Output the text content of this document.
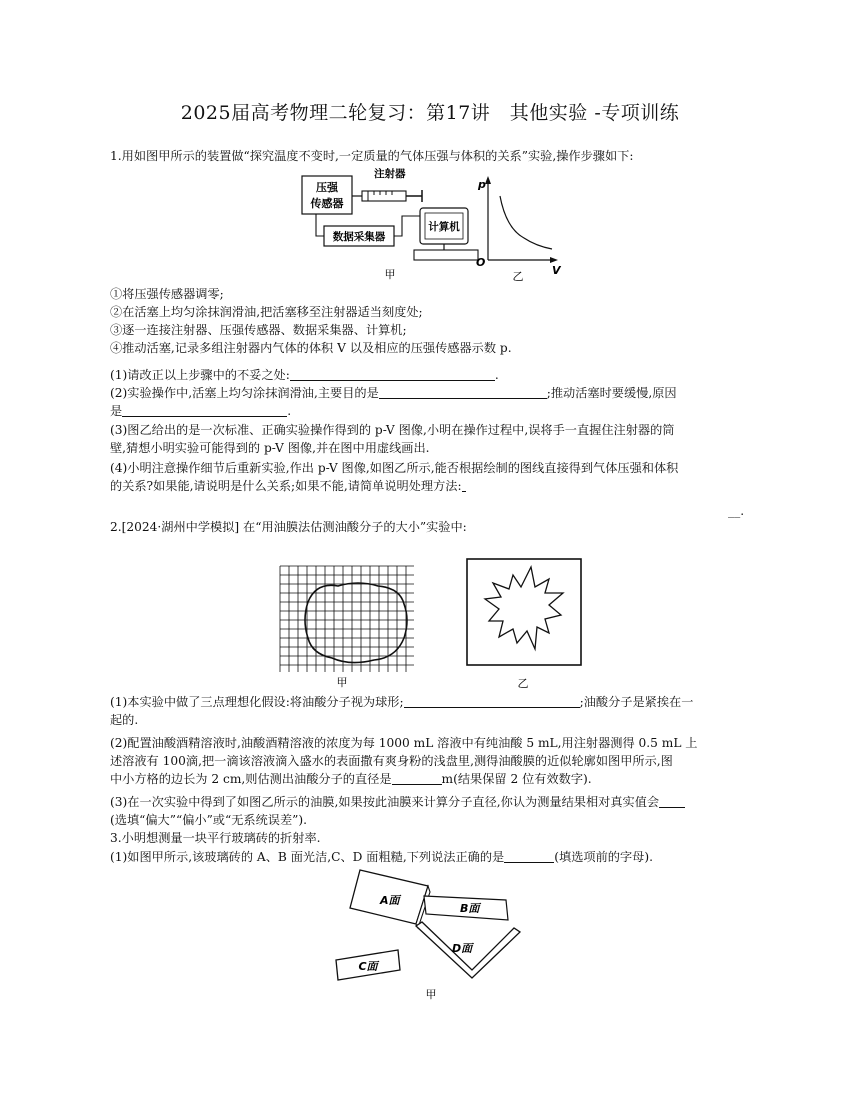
2025届高考物理二轮复习：第17讲　其他实验 -专项训练
1.用如图甲所示的装置做“探究温度不变时,一定质量的气体压强与体积的关系”实验,操作步骤如下:
压强
传感器
注射器
数据采集器
计算机
甲
p
V
O
乙
①将压强传感器调零;
②在活塞上均匀涂抹润滑油,把活塞移至注射器适当刻度处;
③逐一连接注射器、压强传感器、数据采集器、计算机;
④推动活塞,记录多组注射器内气体的体积 V 以及相应的压强传感器示数 p.
(1)请改正以上步骤中的不妥之处:	.
(2)实验操作中,活塞上均匀涂抹润滑油,主要目的是	;推动活塞时要缓慢,原因
是	.
(3)图乙给出的是一次标准、正确实验操作得到的 p-V 图像,小明在操作过程中,误将手一直握住注射器的筒
壁,猜想小明实验可能得到的 p-V 图像,并在图中用虚线画出.
(4)小明注意操作细节后重新实验,作出 p-V 图像,如图乙所示,能否根据绘制的图线直接得到气体压强和体积
的关系?如果能,请说明是什么关系;如果不能,请简单说明处理方法:
__.
2.[2024·湖州中学模拟] 在“用油膜法估测油酸分子的大小”实验中:
甲	乙
(1)本实验中做了三点理想化假设:将油酸分子视为球形;	;油酸分子是紧挨在一
起的.
(2)配置油酸酒精溶液时,油酸酒精溶液的浓度为每 1000 mL 溶液中有纯油酸 5 mL,用注射器测得 0.5 mL 上
述溶液有 100滴,把一滴该溶液滴入盛水的表面撒有爽身粉的浅盘里,测得油酸膜的近似轮廓如图甲所示,图
中小方格的边长为 2 cm,则估测出油酸分子的直径是	m(结果保留 2 位有效数字).
(3)在一次实验中得到了如图乙所示的油膜,如果按此油膜来计算分子直径,你认为测量结果相对真实值会
(选填“偏大”“偏小”或“无系统误差”).
3.小明想测量一块平行玻璃砖的折射率.
(1)如图甲所示,该玻璃砖的 A、B 面光洁,C、D 面粗糙,下列说法正确的是	(填选项前的字母).
A面
B面
D面
C面
甲
